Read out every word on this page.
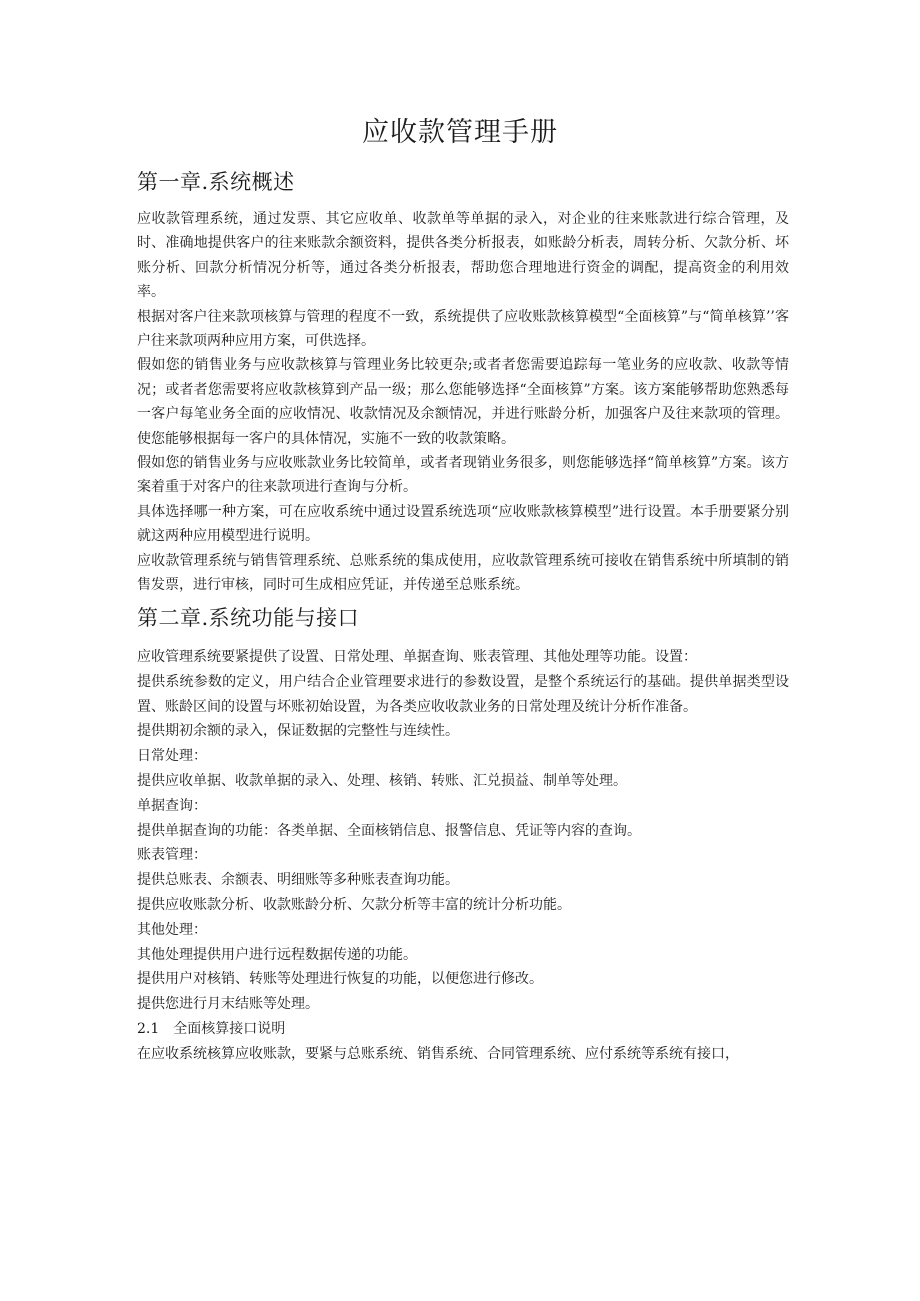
应收款管理手册
第一章.系统概述

应收款管理系统，通过发票、其它应收单、收款单等单据的录入，对企业的往来账款进行综合管理，及时、准确地提供客户的往来账款余额资料，提供各类分析报表，如账龄分析表，周转分析、欠款分析、坏账分析、回款分析情况分析等，通过各类分析报表，帮助您合理地进行资金的调配，提高资金的利用效率。

根据对客户往来款项核算与管理的程度不一致，系统提供了应收账款核算模型“全面核算”与“简单核算’’客户往来款项两种应用方案，可供选择。

假如您的销售业务与应收款核算与管理业务比较更杂;或者者您需要追踪每一笔业务的应收款、收款等情况；或者者您需要将应收款核算到产品一级；那么您能够选择“全面核算”方案。该方案能够帮助您熟悉每一客户每笔业务全面的应收情况、收款情况及余额情况，并进行账龄分析，加强客户及往来款项的管理。使您能够根据每一客户的具体情况，实施不一致的收款策略。

假如您的销售业务与应收账款业务比较简单，或者者现销业务很多，则您能够选择“简单核算”方案。该方案着重于对客户的往来款项进行查询与分析。

具体选择哪一种方案，可在应收系统中通过设置系统选项“应收账款核算模型”进行设置。本手册要紧分别就这两种应用模型进行说明。

应收款管理系统与销售管理系统、总账系统的集成使用，应收款管理系统可接收在销售系统中所填制的销售发票，进行审核，同时可生成相应凭证，并传递至总账系统。

第二章.系统功能与接口

应收管理系统要紧提供了设置、日常处理、单据查询、账表管理、其他处理等功能。设置：

提供系统参数的定义，用户结合企业管理要求进行的参数设置，是整个系统运行的基础。提供单据类型设置、账龄区间的设置与坏账初始设置，为各类应收收款业务的日常处理及统计分析作准备。

提供期初余额的录入，保证数据的完整性与连续性。

日常处理：

提供应收单据、收款单据的录入、处理、核销、转账、汇兑损益、制单等处理。

单据查询：

提供单据查询的功能：各类单据、全面核销信息、报警信息、凭证等内容的查询。

账表管理：

提供总账表、余额表、明细账等多种账表查询功能。

提供应收账款分析、收款账龄分析、欠款分析等丰富的统计分析功能。

其他处理：

其他处理提供用户进行远程数据传递的功能。

提供用户对核销、转账等处理进行恢复的功能，以便您进行修改。

提供您进行月末结账等处理。

2.1　全面核算接口说明

在应收系统核算应收账款，要紧与总账系统、销售系统、合同管理系统、应付系统等系统有接口，
